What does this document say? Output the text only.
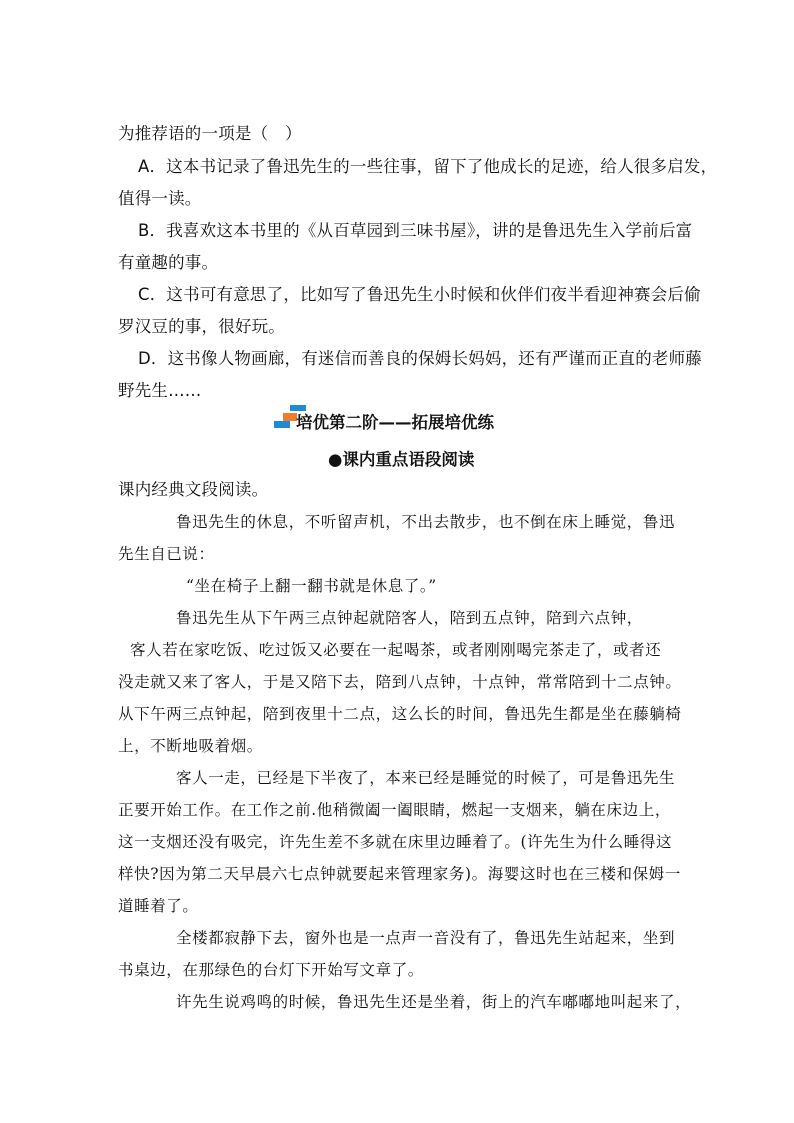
为推荐语的一项是（　）
A．这本书记录了鲁迅先生的一些往事，留下了他成长的足迹，给人很多启发，
值得一读。
B．我喜欢这本书里的《从百草园到三味书屋》，讲的是鲁迅先生入学前后富
有童趣的事。
C．这书可有意思了，比如写了鲁迅先生小时候和伙伴们夜半看迎神赛会后偷
罗汉豆的事，很好玩。
D．这书像人物画廊，有迷信而善良的保姆长妈妈，还有严谨而正直的老师藤
野先生……
培优第二阶——拓展培优练
●课内重点语段阅读
课内经典文段阅读。
鲁迅先生的休息，不听留声机，不出去散步，也不倒在床上睡觉，鲁迅
先生自已说：
“坐在椅子上翻一翻书就是休息了。”
鲁迅先生从下午两三点钟起就陪客人，陪到五点钟，陪到六点钟，
客人若在家吃饭、吃过饭又必要在一起喝茶，或者刚刚喝完茶走了，或者还
没走就又来了客人，于是又陪下去，陪到八点钟，十点钟，常常陪到十二点钟。
从下午两三点钟起，陪到夜里十二点，这么长的时间，鲁迅先生都是坐在藤躺椅
上，不断地吸着烟。
客人一走，已经是下半夜了，本来已经是睡觉的时候了，可是鲁迅先生
正要开始工作。在工作之前.他稍微阖一阖眼睛，燃起一支烟来，躺在床边上，
这一支烟还没有吸完，许先生差不多就在床里边睡着了。(许先生为什么睡得这
样快?因为第二天早晨六七点钟就要起来管理家务)。海婴这时也在三楼和保姆一
道睡着了。
全楼都寂静下去，窗外也是一点声一音没有了，鲁迅先生站起来，坐到
书桌边，在那绿色的台灯下开始写文章了。
许先生说鸡鸣的时候，鲁迅先生还是坐着，街上的汽车嘟嘟地叫起来了，
